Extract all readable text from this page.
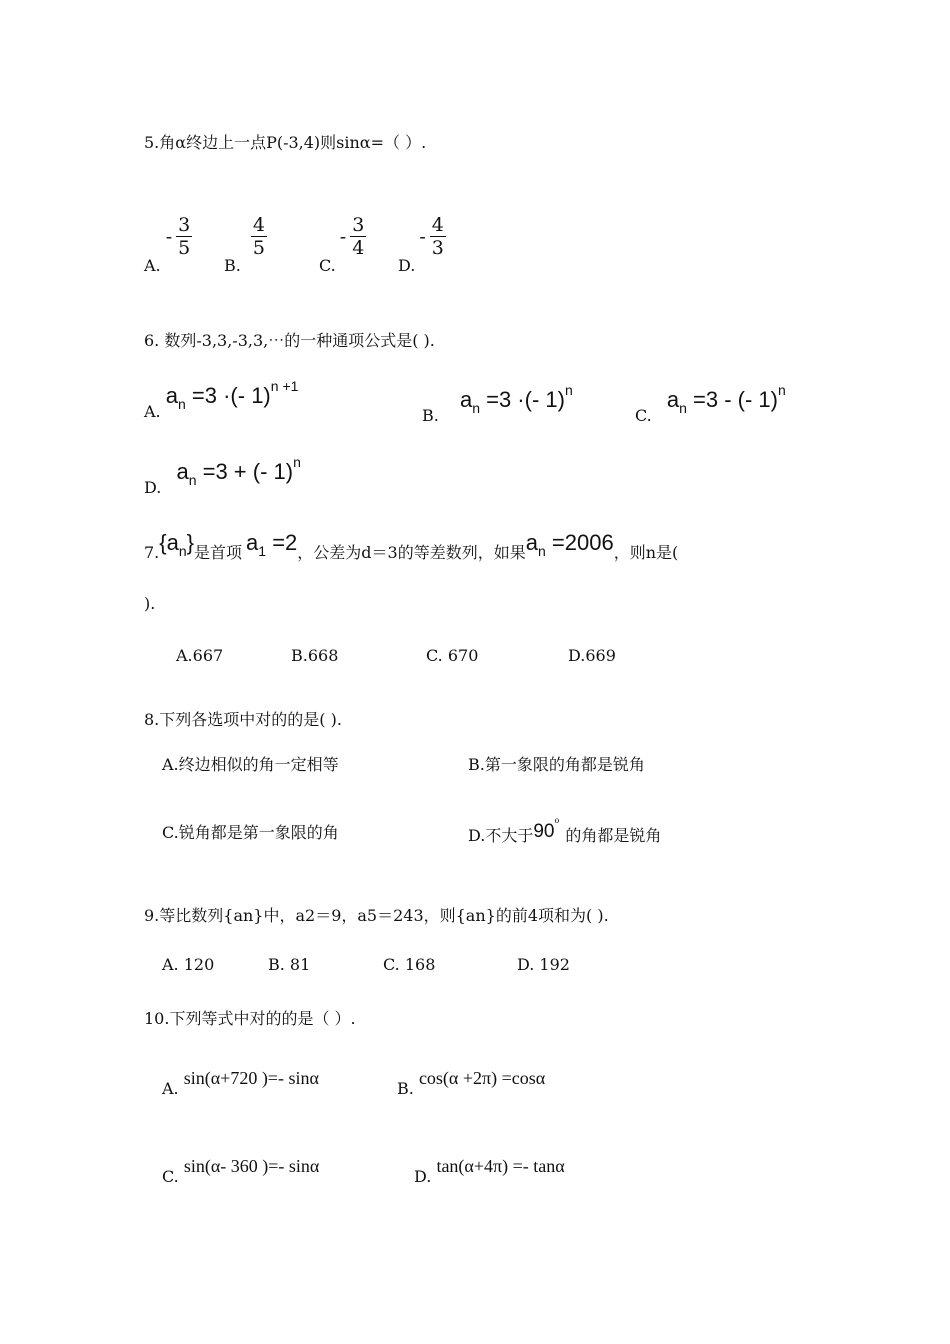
5.角α终边上一点P(-3,4)则sinα=（ ）.
A. - $\frac{3}{5}$
B.
$\frac{4}{5}$
$C.- \frac{3}{4}$
$D.- \frac{4}{3}$
6. 数列-3,3,-3,3,⋯的一种通项公式是( ).
A. $a_n =3$ ·(- 1)$^{n +1}$
B. $a_n =3$ ·(- 1)$^n$
C. $a_n =3$ - (- 1)$^n$
D. $a_n =3$ + (- 1)$^n$
$7.\{a_n\}$是首项 $a_1 =2$，公差为d＝3的等差数列，如果$a_n =2006$，则n是(
).
A.667	B.668	C. 670	D.669
8.下列各选项中对的的是( ).
A.终边相似的角一定相等	B.第一象限的角都是锐角
C.锐角都是第一象限的角	D.不大于90$^o$的角都是锐角
9.等比数列{an}中，a2＝9，a5＝243，则{an}的前4项和为( ).
A. 120	B. 81	C. 168	D. 192
10.下列等式中对的的是（ ）.
A. sin(α+720 )=- sinα
B. cos(α +2π) =cosα
C. sin(α- 360 )=- sinα
D. tan(α+4π) =- tanα
